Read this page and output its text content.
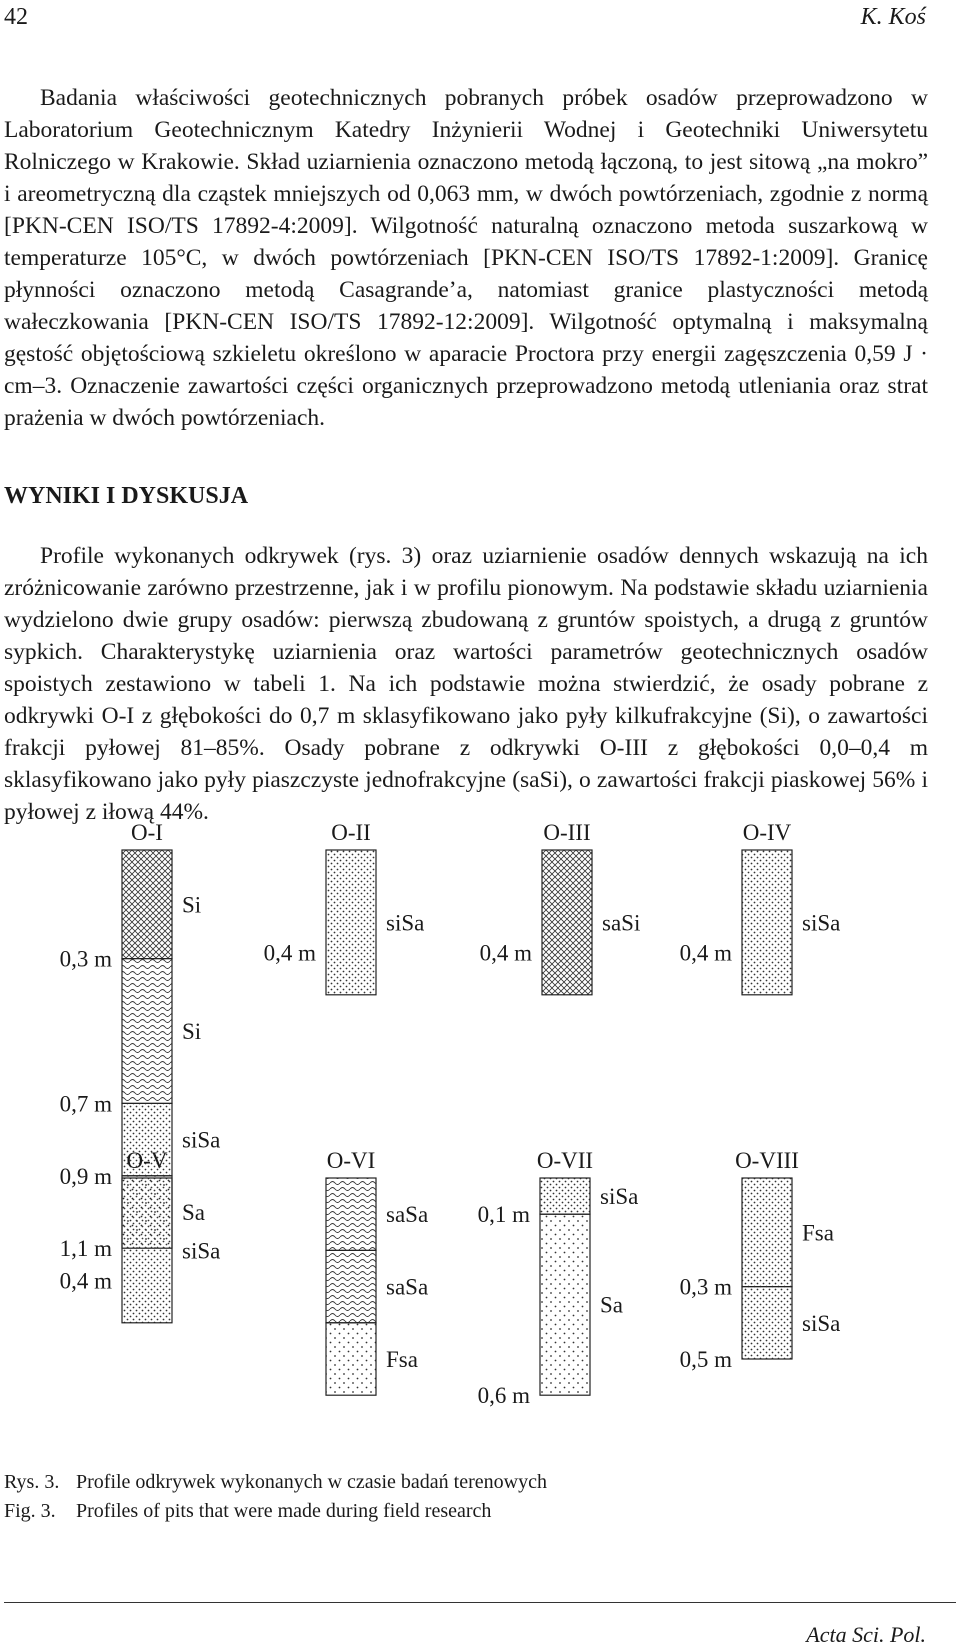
42	K. Koś

Badania właściwości geotechnicznych pobranych próbek osadów przeprowadzono w Laboratorium Geotechnicznym Katedry Inżynierii Wodnej i Geotechniki Uniwersytetu Rolniczego w Krakowie. Skład uziarnienia oznaczono metodą łączoną, to jest sitową „na mokro” i areometryczną dla cząstek mniejszych od 0,063 mm, w dwóch powtórzeniach, zgodnie z normą [PKN-CEN ISO/TS 17892-4:2009]. Wilgotność naturalną oznaczono metoda suszarkową w temperaturze 105°C, w dwóch powtórzeniach [PKN-CEN ISO/TS 17892-1:2009]. Granicę płynności oznaczono metodą Casagrande’a, natomiast granice plastyczności metodą wałeczkowania [PKN-CEN ISO/TS 17892-12:2009]. Wilgotność optymalną i maksymalną gęstość objętościową szkieletu określono w aparacie Proctora przy energii zagęszczenia 0,59 J · cm–3. Oznaczenie zawartości części organicznych przeprowadzono metodą utleniania oraz strat prażenia w dwóch powtórzeniach.

WYNIKI I DYSKUSJA

Profile wykonanych odkrywek (rys. 3) oraz uziarnienie osadów dennych wskazują na ich zróżnicowanie zarówno przestrzenne, jak i w profilu pionowym. Na podstawie składu uziarnienia wydzielono dwie grupy osadów: pierwszą zbudowaną z gruntów spoistych, a drugą z gruntów sypkich. Charakterystykę uziarnienia oraz wartości parametrów geotechnicznych osadów spoistych zestawiono w tabeli 1. Na ich podstawie można stwierdzić, że osady pobrane z odkrywki O-I z głębokości do 0,7 m sklasyfikowano jako pyły kilkufrakcyjne (Si), o zawartości frakcji pyłowej 81–85%. Osady pobrane z odkrywki O-III z głębokości 0,0–0,4 m sklasyfikowano jako pyły piaszczyste jednofrakcyjne (saSi), o zawartości frakcji piaskowej 56% i pyłowej z iłową 44%.

O-I
Si
Si
siSa
Sa
0,3 m
0,7 m
0,9 m
1,1 m
O-II
siSa
0,4 m
O-III
saSi
0,4 m
O-IV
siSa
0,4 m
O-V
siSa
0,4 m
O-VI
saSa
saSa
Fsa
O-VII
siSa
Sa
0,1 m
0,6 m
O-VIII
Fsa
siSa
0,3 m
0,5 m
Rys. 3. Profile odkrywek wykonanych w czasie badań terenowych
Fig. 3. Profiles of pits that were made during field research
Acta Sci. Pol.
